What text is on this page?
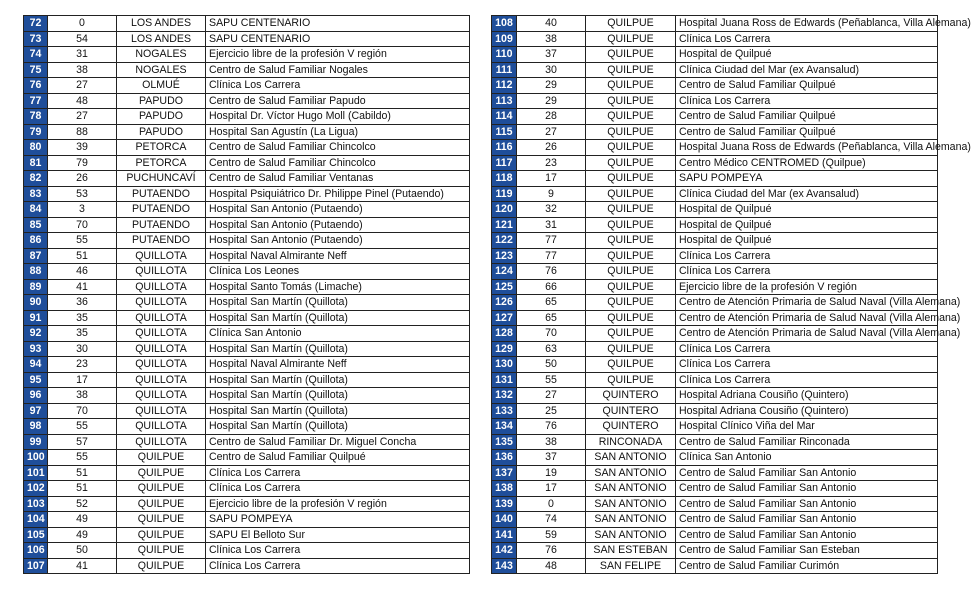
72	0	LOS ANDES	SAPU CENTENARIO
73	54	LOS ANDES	SAPU CENTENARIO
74	31	NOGALES	Ejercicio libre de la profesión V región
75	38	NOGALES	Centro de Salud Familiar Nogales
76	27	OLMUÉ	Clínica Los Carrera
77	48	PAPUDO	Centro de Salud Familiar Papudo
78	27	PAPUDO	Hospital Dr. Víctor Hugo Moll (Cabildo)
79	88	PAPUDO	Hospital San Agustín (La Ligua)
80	39	PETORCA	Centro de Salud Familiar Chincolco
81	79	PETORCA	Centro de Salud Familiar Chincolco
82	26	PUCHUNCAVÍ	Centro de Salud Familiar Ventanas
83	53	PUTAENDO	Hospital Psiquiátrico Dr. Philippe Pinel (Putaendo)
84	3	PUTAENDO	Hospital San Antonio (Putaendo)
85	70	PUTAENDO	Hospital San Antonio (Putaendo)
86	55	PUTAENDO	Hospital San Antonio (Putaendo)
87	51	QUILLOTA	Hospital Naval Almirante Neff
88	46	QUILLOTA	Clínica Los Leones
89	41	QUILLOTA	Hospital Santo Tomás (Limache)
90	36	QUILLOTA	Hospital San Martín (Quillota)
91	35	QUILLOTA	Hospital San Martín (Quillota)
92	35	QUILLOTA	Clínica San Antonio
93	30	QUILLOTA	Hospital San Martín (Quillota)
94	23	QUILLOTA	Hospital Naval Almirante Neff
95	17	QUILLOTA	Hospital San Martín (Quillota)
96	38	QUILLOTA	Hospital San Martín (Quillota)
97	70	QUILLOTA	Hospital San Martín (Quillota)
98	55	QUILLOTA	Hospital San Martín (Quillota)
99	57	QUILLOTA	Centro de Salud Familiar Dr. Miguel Concha
100	55	QUILPUE	Centro de Salud Familiar Quilpué
101	51	QUILPUE	Clínica Los Carrera
102	51	QUILPUE	Clínica Los Carrera
103	52	QUILPUE	Ejercicio libre de la profesión V región
104	49	QUILPUE	SAPU POMPEYA
105	49	QUILPUE	SAPU El Belloto Sur
106	50	QUILPUE	Clínica Los Carrera
107	41	QUILPUE	Clínica Los Carrera
108	40	QUILPUE	Hospital Juana Ross de Edwards (Peñablanca, Villa Alemana)
109	38	QUILPUE	Clínica Los Carrera
110	37	QUILPUE	Hospital de Quilpué
111	30	QUILPUE	Clínica Ciudad del Mar (ex Avansalud)
112	29	QUILPUE	Centro de Salud Familiar Quilpué
113	29	QUILPUE	Clínica Los Carrera
114	28	QUILPUE	Centro de Salud Familiar Quilpué
115	27	QUILPUE	Centro de Salud Familiar Quilpué
116	26	QUILPUE	Hospital Juana Ross de Edwards (Peñablanca, Villa Alemana)
117	23	QUILPUE	Centro Médico CENTROMED (Quilpue)
118	17	QUILPUE	SAPU POMPEYA
119	9	QUILPUE	Clínica Ciudad del Mar (ex Avansalud)
120	32	QUILPUE	Hospital de Quilpué
121	31	QUILPUE	Hospital de Quilpué
122	77	QUILPUE	Hospital de Quilpué
123	77	QUILPUE	Clínica Los Carrera
124	76	QUILPUE	Clínica Los Carrera
125	66	QUILPUE	Ejercicio libre de la profesión V región
126	65	QUILPUE	Centro de Atención Primaria de Salud Naval (Villa Alemana)
127	65	QUILPUE	Centro de Atención Primaria de Salud Naval (Villa Alemana)
128	70	QUILPUE	Centro de Atención Primaria de Salud Naval (Villa Alemana)
129	63	QUILPUE	Clínica Los Carrera
130	50	QUILPUE	Clínica Los Carrera
131	55	QUILPUE	Clínica Los Carrera
132	27	QUINTERO	Hospital Adriana Cousiño (Quintero)
133	25	QUINTERO	Hospital Adriana Cousiño (Quintero)
134	76	QUINTERO	Hospital Clínico Viña del Mar
135	38	RINCONADA	Centro de Salud Familiar Rinconada
136	37	SAN ANTONIO	Clínica San Antonio
137	19	SAN ANTONIO	Centro de Salud Familiar San Antonio
138	17	SAN ANTONIO	Centro de Salud Familiar San Antonio
139	0	SAN ANTONIO	Centro de Salud Familiar San Antonio
140	74	SAN ANTONIO	Centro de Salud Familiar San Antonio
141	59	SAN ANTONIO	Centro de Salud Familiar San Antonio
142	76	SAN ESTEBAN	Centro de Salud Familiar San Esteban
143	48	SAN FELIPE	Centro de Salud Familiar Curimón
